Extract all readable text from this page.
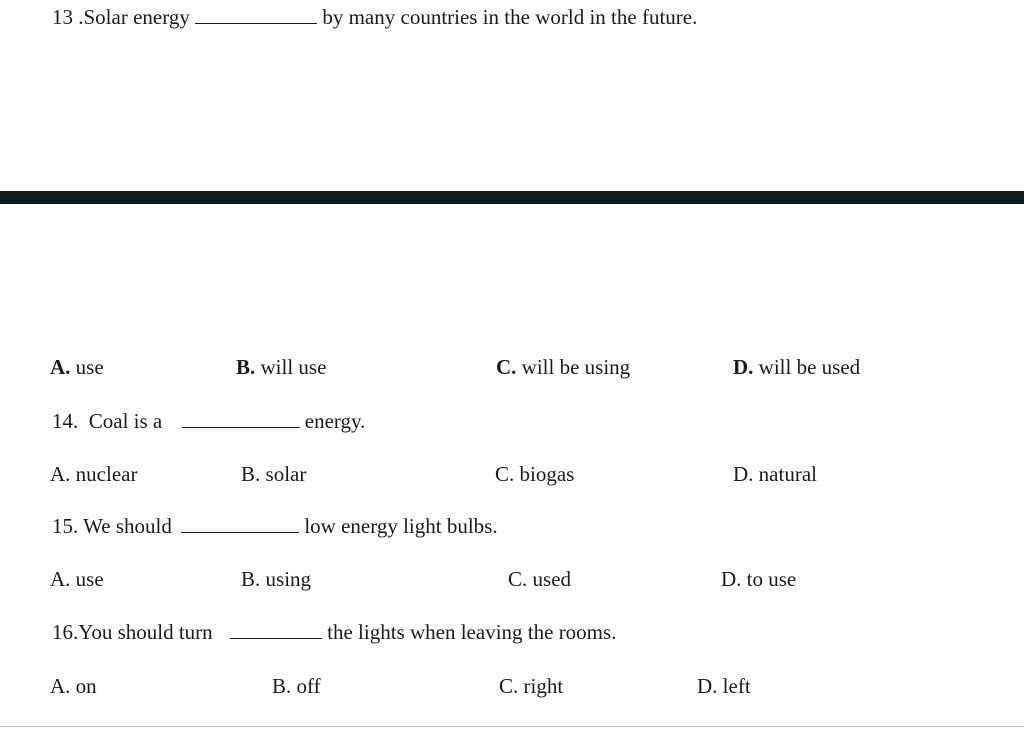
13 .Solar energy	by many countries in the world in the future.
A. use	B. will use	C. will be using	D. will be used
14.  Coal is a	energy.
A. nuclear	B. solar	C. biogas	D. natural
15. We should	low energy light bulbs.
A. use	B. using	C. used	D. to use
16.You should turn	the lights when leaving the rooms.
A. on	B. off	C. right	D. left
